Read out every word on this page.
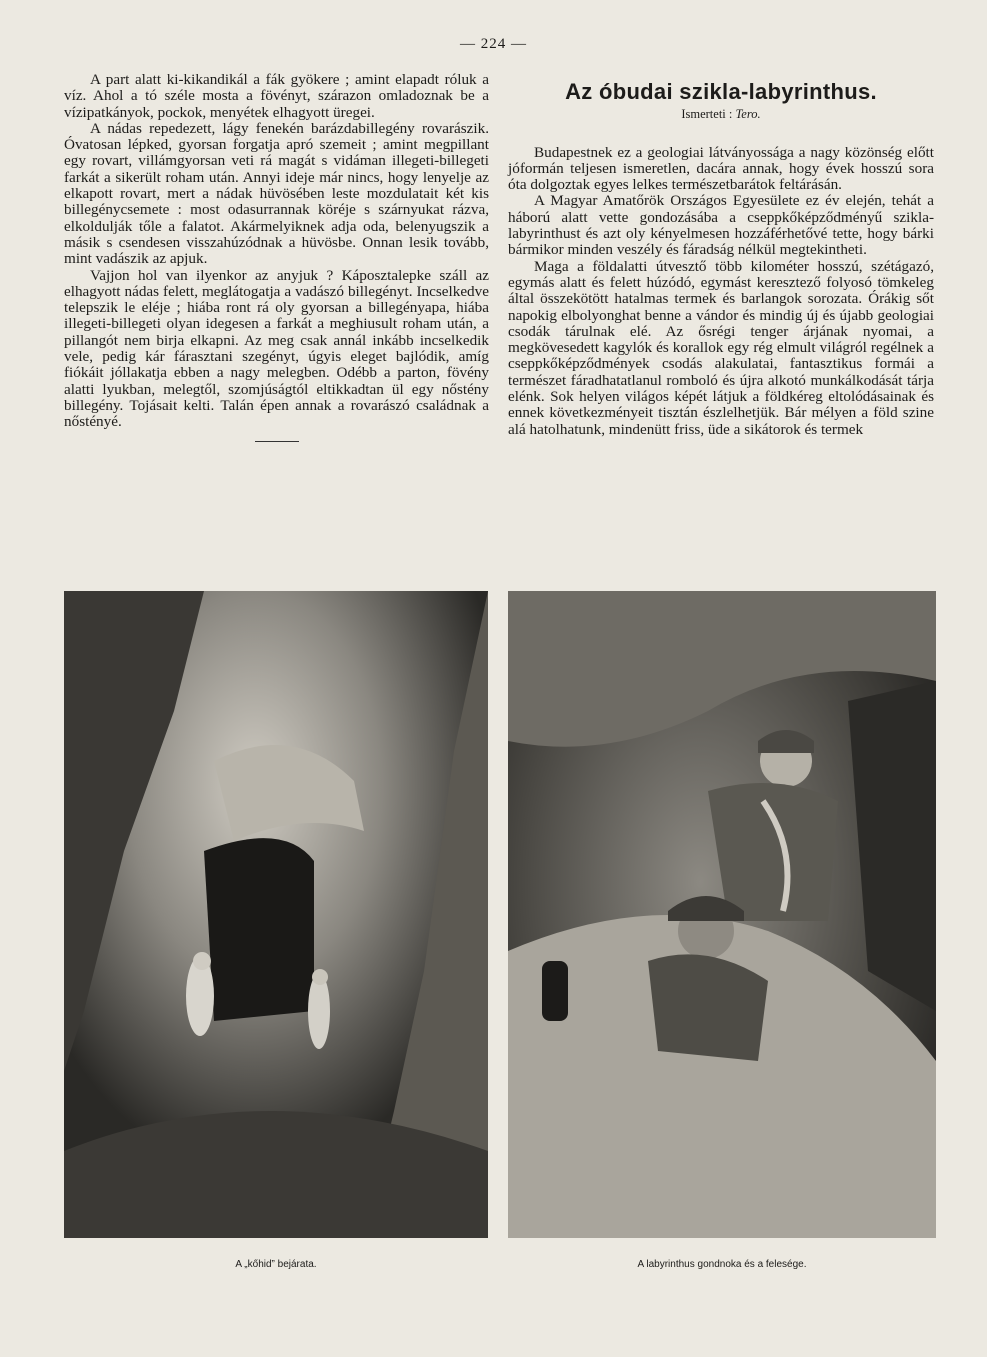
— 224 —

A part alatt ki-kikandikál a fák gyökere ; amint elapadt róluk a víz. Ahol a tó széle mosta a fövényt, szárazon omladoznak be a vízipatkányok, pockok, menyétek elhagyott üregei.

A nádas repedezett, lágy fenekén barázdabillegény rovarászik. Óvatosan lépked, gyorsan forgatja apró szemeit ; amint megpillant egy rovart, villámgyorsan veti rá magát s vidáman illegeti-billegeti farkát a sikerült roham után. Annyi ideje már nincs, hogy lenyelje az elkapott rovart, mert a nádak hüvösében leste mozdulatait két kis billegénycsemete : most odasurrannak köréje s szárnyukat rázva, elkoldulják tőle a falatot. Akármelyiknek adja oda, belenyugszik a másik s csendesen visszahúzódnak a hüvösbe. Onnan lesik tovább, mint vadászik az apjuk.

Vajjon hol van ilyenkor az anyjuk ? Káposztalepke száll az elhagyott nádas felett, meglátogatja a vadászó billegényt. Incselkedve telepszik le eléje ; hiába ront rá oly gyorsan a billegényapa, hiába illegeti-billegeti olyan idegesen a farkát a meghiusult roham után, a pillangót nem birja elkapni. Az meg csak annál inkább incselkedik vele, pedig kár fárasztani szegényt, úgyis eleget bajlódik, amíg fiókáit jóllakatja ebben a nagy melegben. Odébb a parton, fövény alatti lyukban, melegtől, szomjúságtól eltikkadtan ül egy nőstény billegény. Tojásait kelti. Talán épen annak a rovarászó családnak a nőstényé.

Az óbudai szikla-labyrinthus.
Ismerteti : Tero.

Budapestnek ez a geologiai látványossága a nagy közönség előtt jóformán teljesen ismeretlen, dacára annak, hogy évek hosszú sora óta dolgoztak egyes lelkes természetbarátok feltárásán.

A Magyar Amatőrök Országos Egyesülete ez év elején, tehát a háború alatt vette gondozásába a cseppkőképződményű szikla-labyrinthust és azt oly kényelmesen hozzáférhetővé tette, hogy bárki bármikor minden veszély és fáradság nélkül megtekintheti.

Maga a földalatti útvesztő több kilométer hosszú, szétágazó, egymás alatt és felett húzódó, egymást keresztező folyosó tömkeleg által összekötött hatalmas termek és barlangok sorozata. Órákig sőt napokig elbolyonghat benne a vándor és mindig új és újabb geologiai csodák tárulnak elé. Az ősrégi tenger árjának nyomai, a megkövesedett kagylók és korallok egy rég elmult világról regélnek a cseppkőképződmények csodás alakulatai, fantasztikus formái a természet fáradhatatlanul romboló és újra alkotó munkálkodását tárja elénk. Sok helyen világos képét látjuk a földkéreg eltolódásainak és ennek következményeit tisztán észlelhetjük. Bár mélyen a föld szine alá hatolhatunk, mindenütt friss, üde a sikátorok és termek

A „kőhid” bejárata.	A labyrinthus gondnoka és a felesége.
